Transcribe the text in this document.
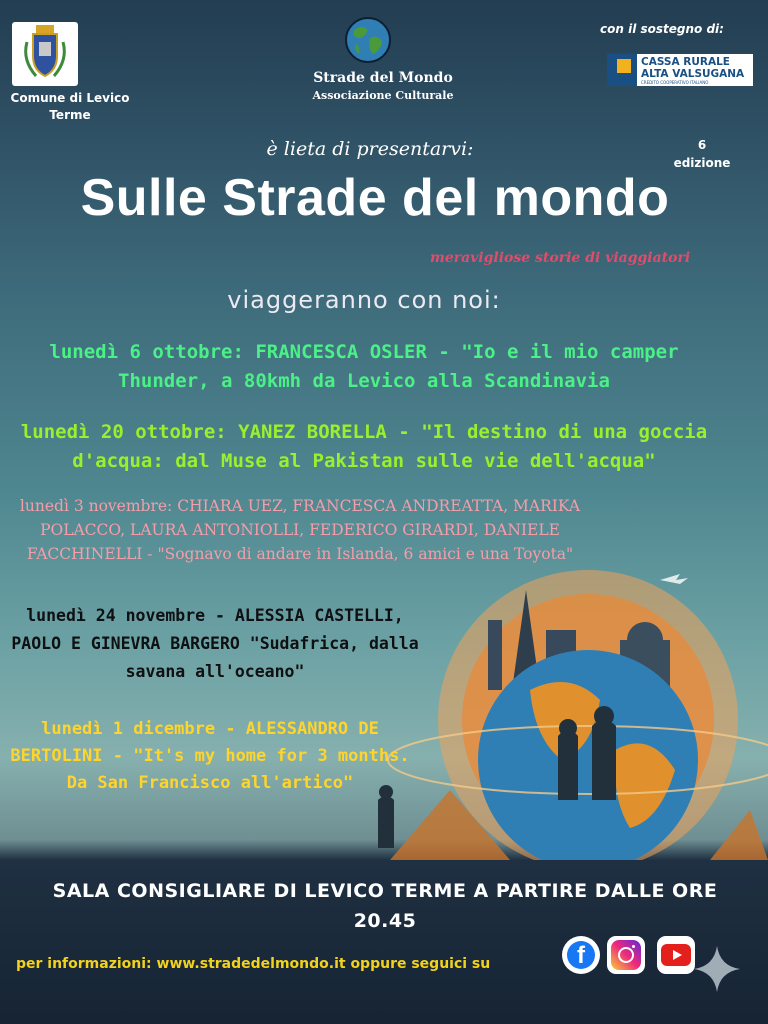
Comune di Levico Terme
Strade del Mondo
Associazione Culturale
con il sostegno di:
CASSA RURALE
ALTA VALSUGANA
CREDITO COOPERATIVO ITALIANO
è lieta di presentarvi:	6
edizione
Sulle Strade del mondo
meravigliose storie di viaggiatori
viaggeranno con noi:
lunedì 6 ottobre: FRANCESCA OSLER - "Io e il mio camper Thunder, a 80kmh da Levico alla Scandinavia
lunedì 20 ottobre: YANEZ BORELLA - "Il destino di una goccia d'acqua: dal Muse al Pakistan sulle vie dell'acqua"
lunedì 3 novembre: CHIARA UEZ, FRANCESCA ANDREATTA, MARIKA POLACCO, LAURA ANTONIOLLI, FEDERICO GIRARDI, DANIELE FACCHINELLI - "Sognavo di andare in Islanda, 6 amici e una Toyota"
lunedì 24 novembre - ALESSIA CASTELLI, PAOLO E GINEVRA BARGERO "Sudafrica, dalla savana all'oceano"
lunedì 1 dicembre - ALESSANDRO DE BERTOLINI - "It's my home for 3 months. Da San Francisco all'artico"
SALA CONSIGLIARE DI LEVICO TERME A PARTIRE DALLE ORE 20.45
per informazioni: www.stradedelmondo.it oppure seguici su	f
